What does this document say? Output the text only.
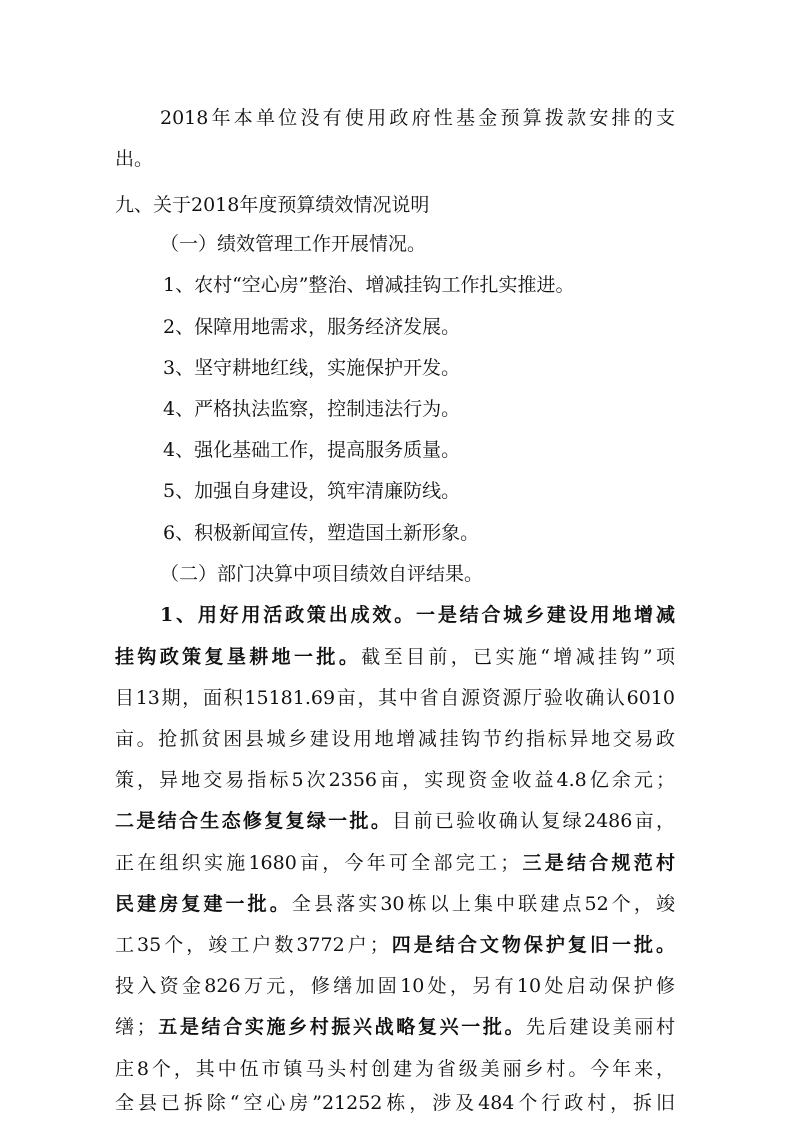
2018年本单位没有使用政府性基金预算拨款安排的支
出。
九、关于2018年度预算绩效情况说明
（一）绩效管理工作开展情况。
1、农村“空心房”整治、增减挂钩工作扎实推进。
2、保障用地需求，服务经济发展。
3、坚守耕地红线，实施保护开发。
4、严格执法监察，控制违法行为。
4、强化基础工作，提高服务质量。
5、加强自身建设，筑牢清廉防线。
6、积极新闻宣传，塑造国土新形象。
（二）部门决算中项目绩效自评结果。
1、用好用活政策出成效。一是结合城乡建设用地增减
挂钩政策复垦耕地一批。截至目前，已实施“增减挂钩”项
目13期，面积15181.69亩，其中省自源资源厅验收确认6010
亩。抢抓贫困县城乡建设用地增减挂钩节约指标异地交易政
策，异地交易指标5次2356亩，实现资金收益4.8亿余元；
二是结合生态修复复绿一批。目前已验收确认复绿2486亩，
正在组织实施1680亩，今年可全部完工；三是结合规范村
民建房复建一批。全县落实30栋以上集中联建点52个，竣
工35个，竣工户数3772户；四是结合文物保护复旧一批。
投入资金826万元，修缮加固10处，另有10处启动保护修
缮；五是结合实施乡村振兴战略复兴一批。先后建设美丽村
庄8个，其中伍市镇马头村创建为省级美丽乡村。今年来，
全县已拆除“空心房”21252栋，涉及484个行政村，拆旧
